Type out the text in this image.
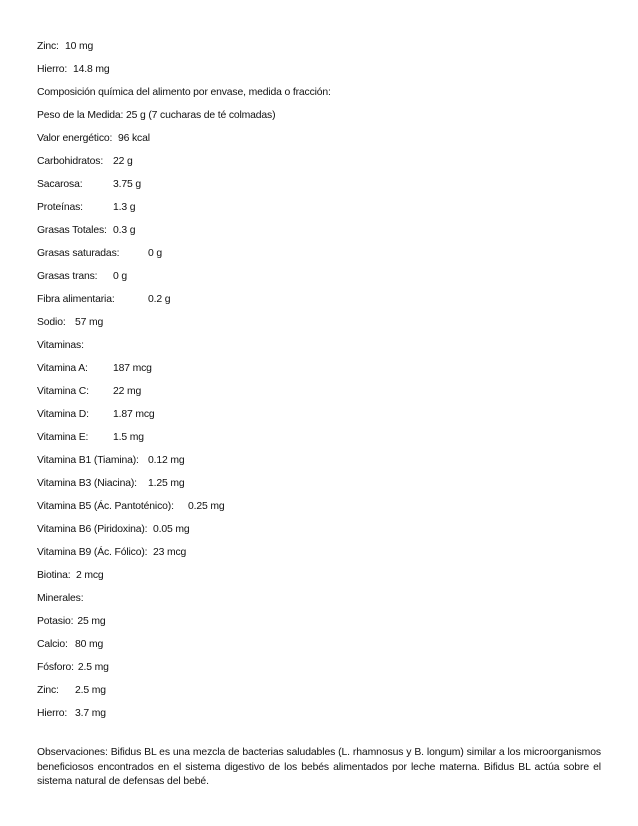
Zinc: 10 mg
Hierro: 14.8 mg
Composición química del alimento por envase, medida o fracción:
Peso de la Medida: 25 g (7 cucharas de té colmadas)
Valor energético: 96 kcal
Carbohidratos: 22 g
Sacarosa:	3.75 g
Proteínas:	1.3 g
Grasas Totales: 0.3 g
Grasas saturadas:	0 g
Grasas trans: 0 g
Fibra alimentaria:	0.2 g
Sodio: 57 mg
Vitaminas:
Vitamina A: 187 mcg
Vitamina C: 22 mg
Vitamina D: 1.87 mcg
Vitamina E: 1.5 mg
Vitamina B1 (Tiamina): 0.12 mg
Vitamina B3 (Niacina): 1.25 mg
Vitamina B5 (Ác. Pantoténico): 0.25 mg
Vitamina B6 (Piridoxina): 0.05 mg
Vitamina B9 (Ác. Fólico): 23 mcg
Biotina: 2 mcg
Minerales:
Potasio: 25 mg
Calcio: 80 mg
Fósforo: 2.5 mg
Zinc: 2.5 mg
Hierro: 3.7 mg
Observaciones: Bifidus BL es una mezcla de bacterias saludables (L. rhamnosus y B. longum) similar a los microorganismos beneficiosos encontrados en el sistema digestivo de los bebés alimentados por leche materna. Bifidus BL actúa sobre el sistema natural de defensas del bebé.
